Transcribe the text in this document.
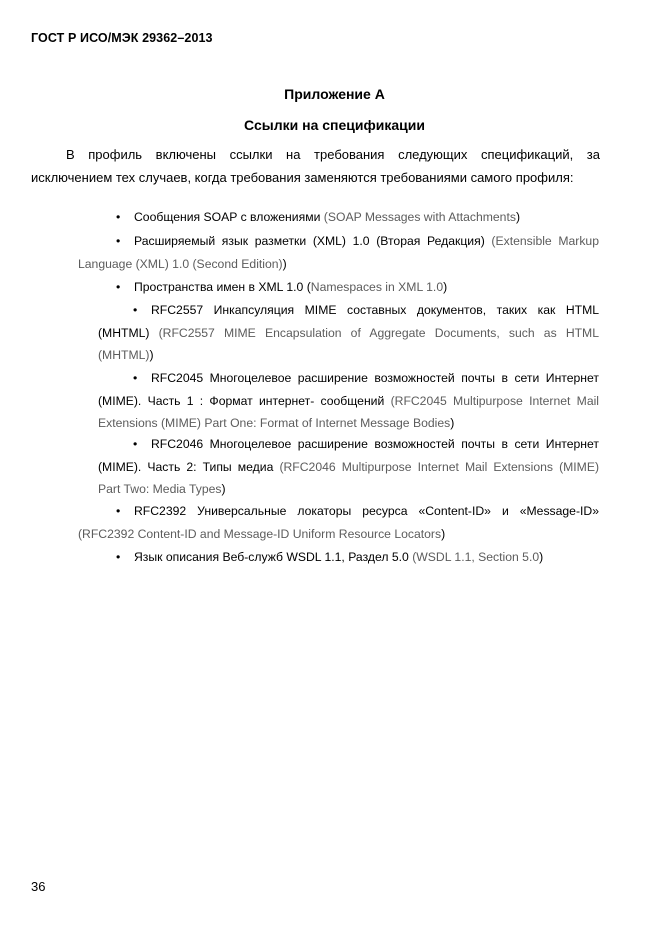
ГОСТ Р ИСО/МЭК 29362–2013
Приложение А
Ссылки на спецификации
В профиль включены ссылки на требования следующих спецификаций, за
исключением тех случаев, когда требования заменяются требованиями самого профиля:
• Сообщения SOAP с вложениями (SOAP Messages with Attachments)
• Расширяемый язык разметки (XML) 1.0 (Вторая Редакция) (Extensible Markup
Language (XML) 1.0 (Second Edition))
• Пространства имен в XML 1.0 (Namespaces in XML 1.0)
• RFC2557 Инкапсуляция MIME составных документов, таких как HTML
(MHTML) (RFC2557 MIME Encapsulation of Aggregate Documents, such as HTML
(MHTML))
• RFC2045 Многоцелевое расширение возможностей почты в сети Интернет
(MIME). Часть 1 : Формат интернет- сообщений (RFC2045 Multipurpose Internet Mail
Extensions (MIME) Part One: Format of Internet Message Bodies)
• RFC2046 Многоцелевое расширение возможностей почты в сети Интернет
(MIME). Часть 2: Типы медиа (RFC2046 Multipurpose Internet Mail Extensions (MIME)
Part Two: Media Types)
• RFC2392 Универсальные локаторы ресурса «Content-ID» и «Message-ID»
(RFC2392 Content-ID and Message-ID Uniform Resource Locators)
• Язык описания Веб-служб WSDL 1.1, Раздел 5.0 (WSDL 1.1, Section 5.0)
36
